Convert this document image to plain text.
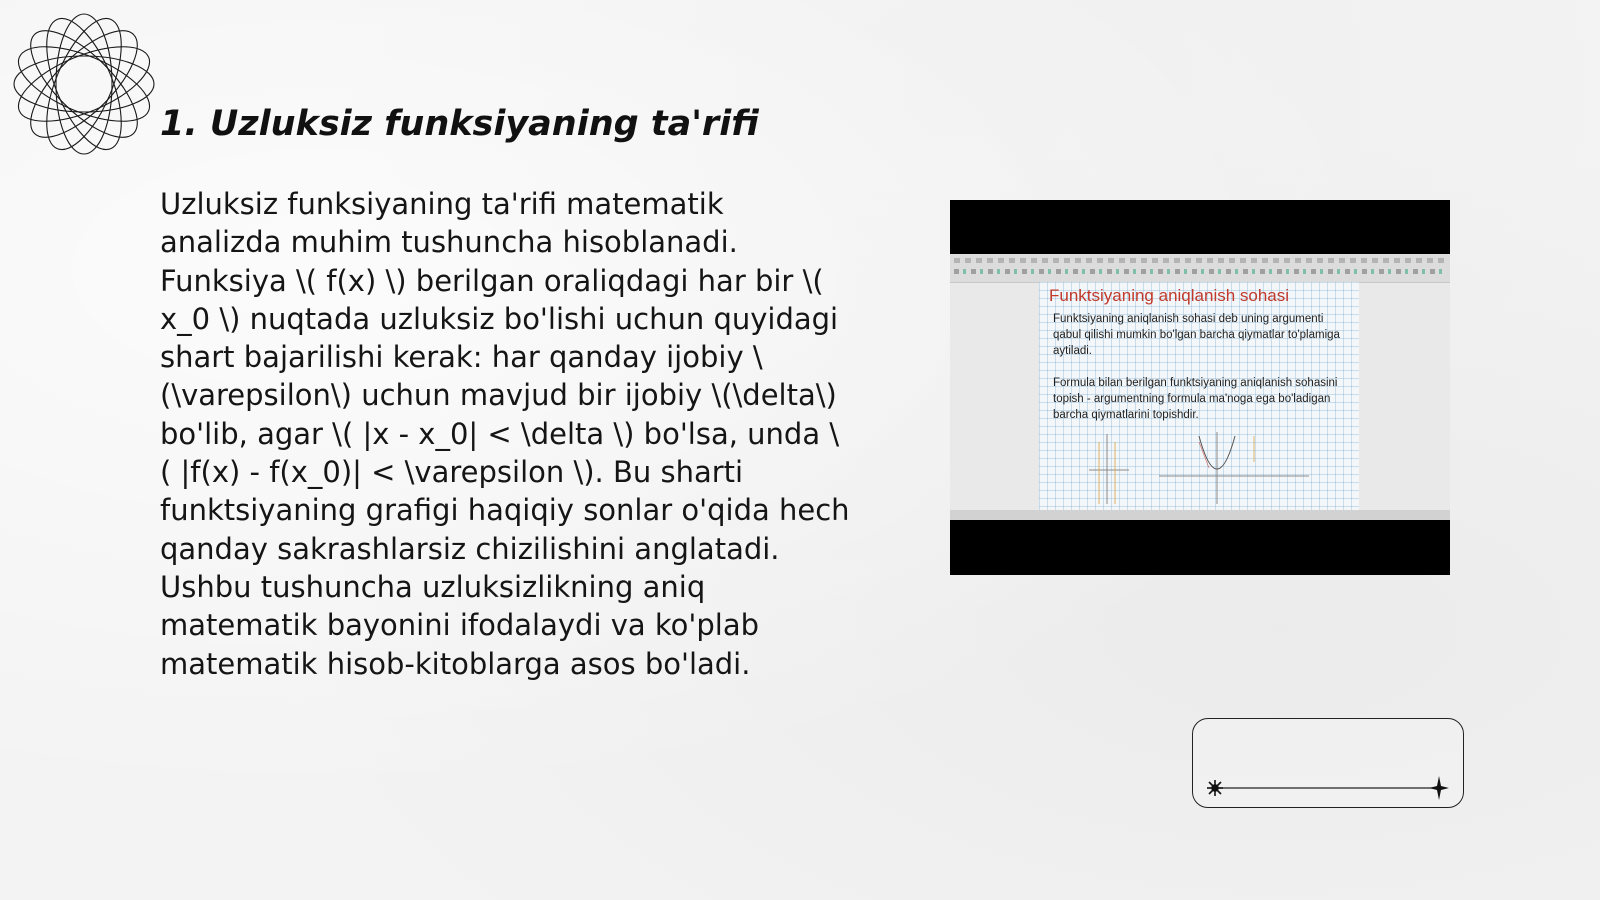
1. Uzluksiz funksiyaning ta'rifi

Uzluksiz funksiyaning ta'rifi matematik analizda muhim tushuncha hisoblanadi. Funksiya \( f(x) \) berilgan oraliqdagi har bir \( x_0 \) nuqtada uzluksiz bo'lishi uchun quyidagi shart bajarilishi kerak: har qanday ijobiy \(\varepsilon\) uchun mavjud bir ijobiy \(\delta\) bo'lib, agar \( |x - x_0| < \delta \) bo'lsa, unda \( |f(x) - f(x_0)| < \varepsilon \). Bu sharti funktsiyaning grafigi haqiqiy sonlar o'qida hech qanday sakrashlarsiz chizilishini anglatadi. Ushbu tushuncha uzluksizlikning aniq matematik bayonini ifodalaydi va ko'plab matematik hisob-kitoblarga asos bo'ladi.

Funktsiyaning aniqlanish sohasi

Funktsiyaning aniqlanish sohasi deb uning argumenti qabul qilishi mumkin bo'lgan barcha qiymatlar to'plamiga aytiladi.

Formula bilan berilgan funktsiyaning aniqlanish sohasini topish - argumentning formula ma'noga ega bo'ladigan barcha qiymatlarini topishdir.
